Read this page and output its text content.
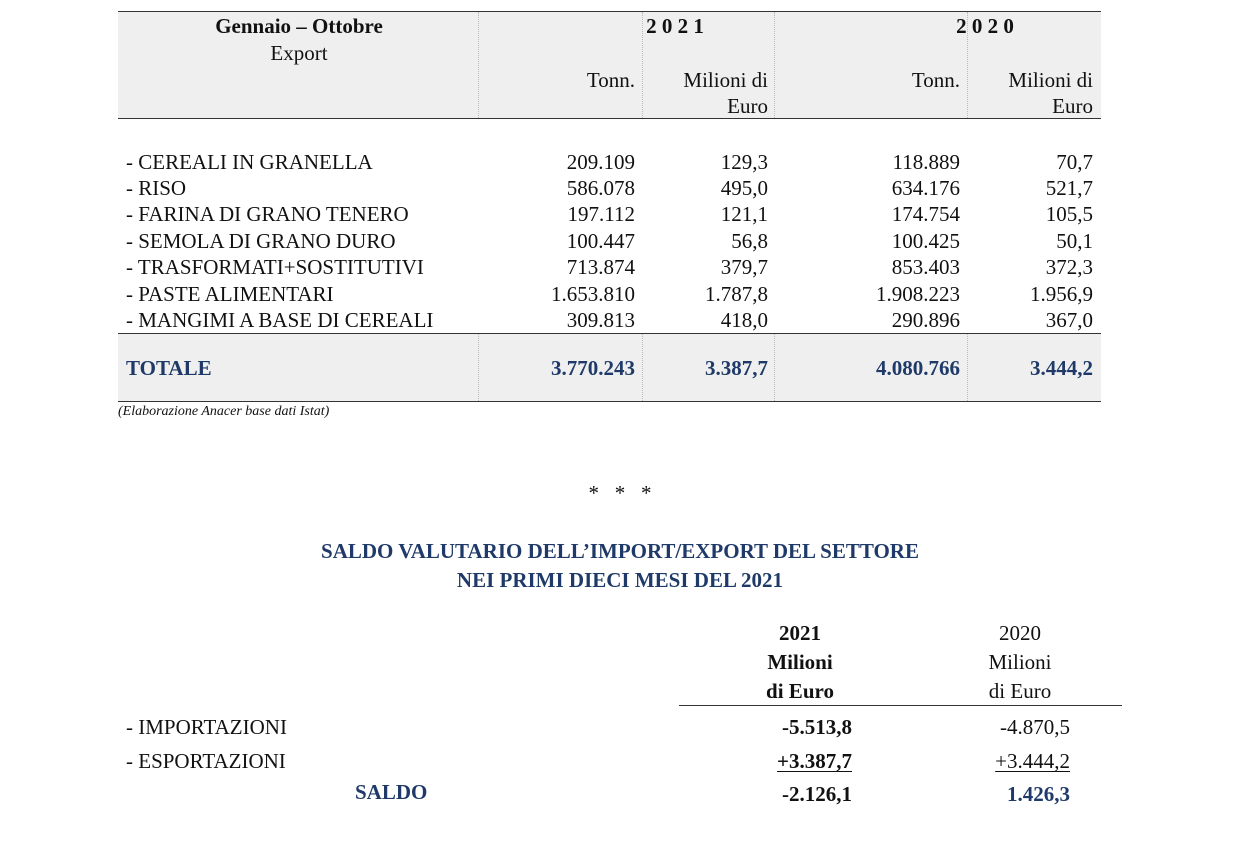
Gennaio – Ottobre
Export
2 0 2 1	2 0 2 0
Tonn.	Milioni di
Euro
Tonn.	Milioni di
Euro
- CEREALI IN GRANELLA	209.109	129,3	118.889	70,7
- RISO	586.078	495,0	634.176	521,7
- FARINA DI GRANO TENERO	197.112	121,1	174.754	105,5
- SEMOLA DI GRANO DURO	100.447	56,8	100.425	50,1
- TRASFORMATI+SOSTITUTIVI	713.874	379,7	853.403	372,3
- PASTE ALIMENTARI	1.653.810	1.787,8	1.908.223	1.956,9
- MANGIMI A BASE DI CEREALI	309.813	418,0	290.896	367,0
TOTALE	3.770.243	3.387,7	4.080.766	3.444,2
(Elaborazione Anacer base dati Istat)
*   *   *
SALDO VALUTARIO DELL’IMPORT/EXPORT DEL SETTORE
NEI PRIMI DIECI MESI DEL 2021
2021
Milioni
di Euro
2020
Milioni
di Euro
- IMPORTAZIONI	-5.513,8	-4.870,5
- ESPORTAZIONI	+3.387,7	+3.444,2
SALDO	-2.126,1	1.426,3
